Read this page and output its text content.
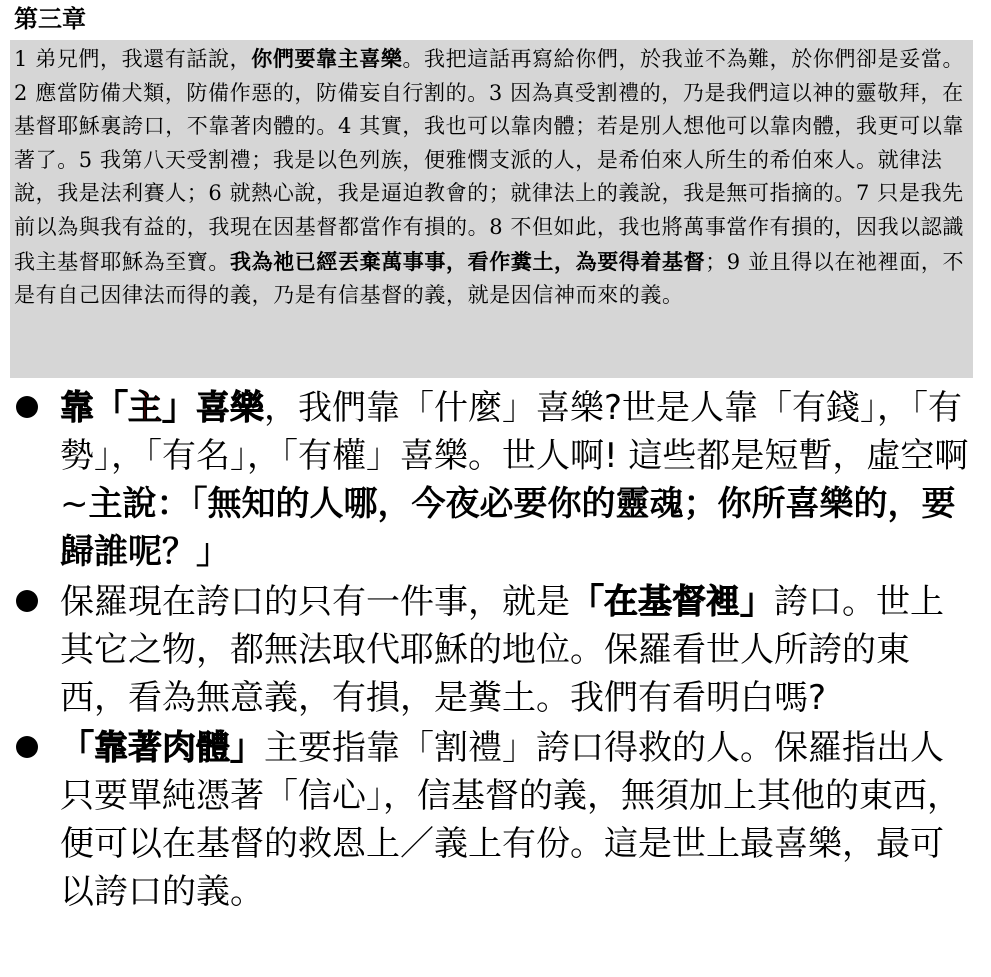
第三章

1 弟兄們，我還有話說，你們要靠主喜樂。我把這話再寫給你們，於我並不為難，於你們卻是妥當。2 應當防備犬類，防備作惡的，防備妄自行割的。3 因為真受割禮的，乃是我們這以神的靈敬拜，在基督耶穌裏誇口，不靠著肉體的。4 其實，我也可以靠肉體；若是別人想他可以靠肉體，我更可以靠著了。5 我第八天受割禮；我是以色列族，便雅憫支派的人，是希伯來人所生的希伯來人。就律法說，我是法利賽人；6 就熱心說，我是逼迫教會的；就律法上的義說，我是無可指摘的。7 只是我先前以為與我有益的，我現在因基督都當作有損的。8 不但如此，我也將萬事當作有損的，因我以認識我主基督耶穌為至寶。我為祂已經丟棄萬事事，看作糞土，為要得着基督；9 並且得以在祂裡面，不是有自己因律法而得的義，乃是有信基督的義，就是因信神而來的義。

靠「主」喜樂，我們靠「什麼」喜樂?世是人靠「有錢」，「有勢」，「有名」，「有權」喜樂。世人啊! 這些都是短暫，虛空啊~主說：「無知的人哪，今夜必要你的靈魂；你所喜樂的，要歸誰呢？」
保羅現在誇口的只有一件事，就是「在基督裡」誇口。世上其它之物，都無法取代耶穌的地位。保羅看世人所誇的東西，看為無意義，有損，是糞土。我們有看明白嗎?
「靠著肉體」主要指靠「割禮」誇口得救的人。保羅指出人只要單純憑著「信心」，信基督的義，無須加上其他的東西，便可以在基督的救恩上／義上有份。這是世上最喜樂，最可以誇口的義。
